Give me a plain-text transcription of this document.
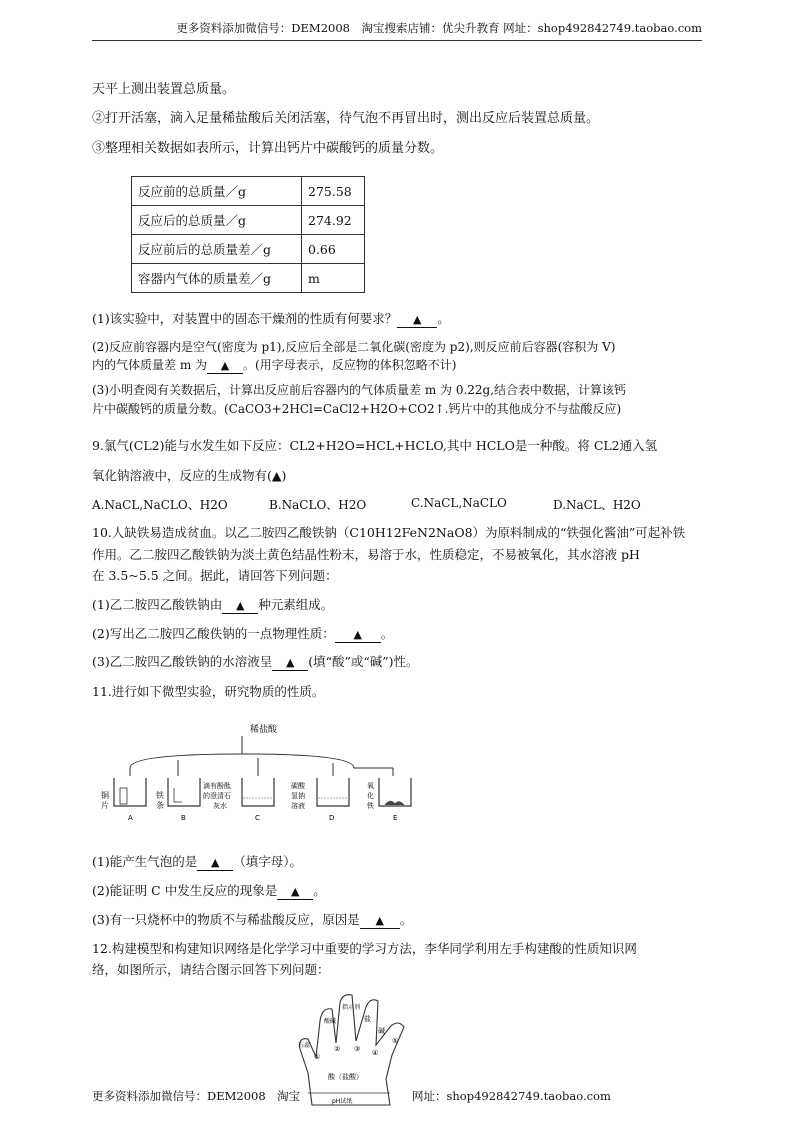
更多资料添加微信号：DEM2008　淘宝搜索店铺：优尖升教育 网址：shop492842749.taobao.com
天平上测出装置总质量。
②打开活塞，滴入足量稀盐酸后关闭活塞，待气泡不再冒出时，测出反应后装置总质量。
③整理相关数据如表所示，计算出钙片中碳酸钙的质量分数。
反应前的总质量／g	275.58
反应后的总质量／g	274.92
反应前后的总质量差／g	0.66
容器内气体的质量差／g	m
(1)该实验中，对装置中的固态干燥剂的性质有何要求？ ▲ 。
(2)反应前容器内是空气(密度为 p1),反应后全部是二氧化碳(密度为 p2),则反应前后容器(容积为 V)
内的气体质量差 m 为 ▲ 。(用字母表示，反应物的体积忽略不计)
(3)小明查阅有关数据后，计算出反应前后容器内的气体质量差 m 为 0.22g,结合表中数据，计算该钙
片中碳酸钙的质量分数。(CaCO3+2HCl=CaCl2+H2O+CO2↑.钙片中的其他成分不与盐酸反应)
9.氯气(CL2)能与水发生如下反应：CL2+H2O=HCL+HCLO,其中 HCLO是一种酸。将 CL2通入氢
氧化钠溶液中，反应的生成物有(▲)
A.NaCL,NaCLO、H2O	B.NaCLO、H2O	C.NaCL,NaCLO	D.NaCL、H2O
10.人缺铁易造成贫血。以乙二胺四乙酸铁钠（C10H12FeN2NaO8）为原料制成的“铁强化酱油”可起补铁
作用。乙二胺四乙酸铁钠为淡土黄色结晶性粉末，易溶于水，性质稳定，不易被氧化，其水溶液 pH
在 3.5~5.5 之间。据此，请回答下列问题：
(1)乙二胺四乙酸铁钠由 ▲ 种元素组成。
(2)写出乙二胺四乙酸佚钠的一点物理性质： ▲ 。
(3)乙二胺四乙酸铁钠的水溶液呈 ▲ (填“酸”或“碱”)性。
11.进行如下微型实验，研究物质的性质。
稀盐酸
铜
片
A
铁
条
B
滴有酚酞
的澄清石
灰水
C
碳酸
氢钠
溶液
D
氧
化
铁
E
(1)能产生气泡的是 ▲ （填字母）。
(2)能证明 C 中发生反应的现象是 ▲ 。
(3)有一只烧杯中的物质不与稀盐酸反应，原因是 ▲ 。
12.构建模型和构建知识网络是化学学习中重要的学习方法，李华同学利用左手构建酸的性质知识网
络，如图所示，请结合图示回答下列问题：
石蕊
酸碱
指示剂
盐
碱
⑤
①
② ③ ④
酸（盐酸）
pH试纸
更多资料添加微信号：DEM2008　淘宝	网址：shop492842749.taobao.com
